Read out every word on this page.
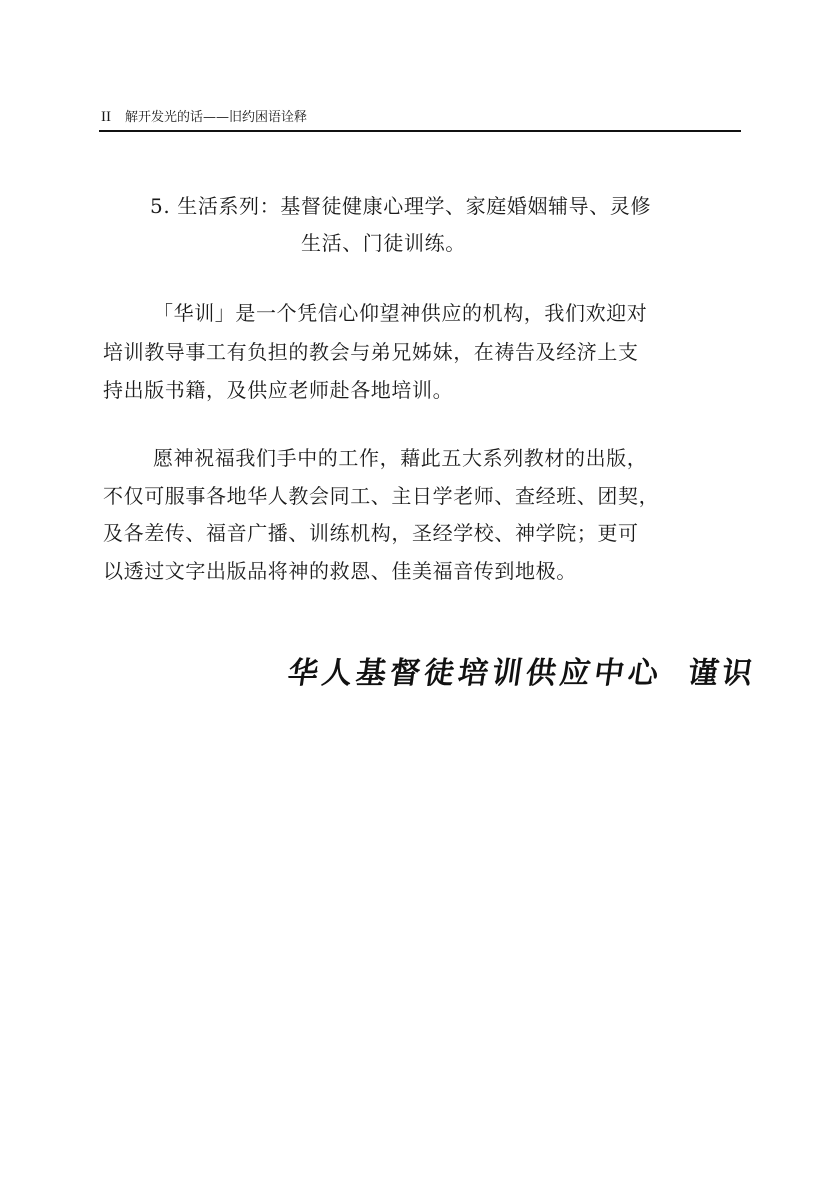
II 解开发光的话——旧约困语诠释
5. 生活系列：基督徒健康心理学、家庭婚姻辅导、灵修
生活、门徒训练。
「华训」是一个凭信心仰望神供应的机构，我们欢迎对
培训教导事工有负担的教会与弟兄姊妹，在祷告及经济上支
持出版书籍，及供应老师赴各地培训。
愿神祝福我们手中的工作，藉此五大系列教材的出版，
不仅可服事各地华人教会同工、主日学老师、查经班、团契，
及各差传、福音广播、训练机构，圣经学校、神学院；更可
以透过文字出版品将神的救恩、佳美福音传到地极。
华人基督徒培训供应中心 谨识
